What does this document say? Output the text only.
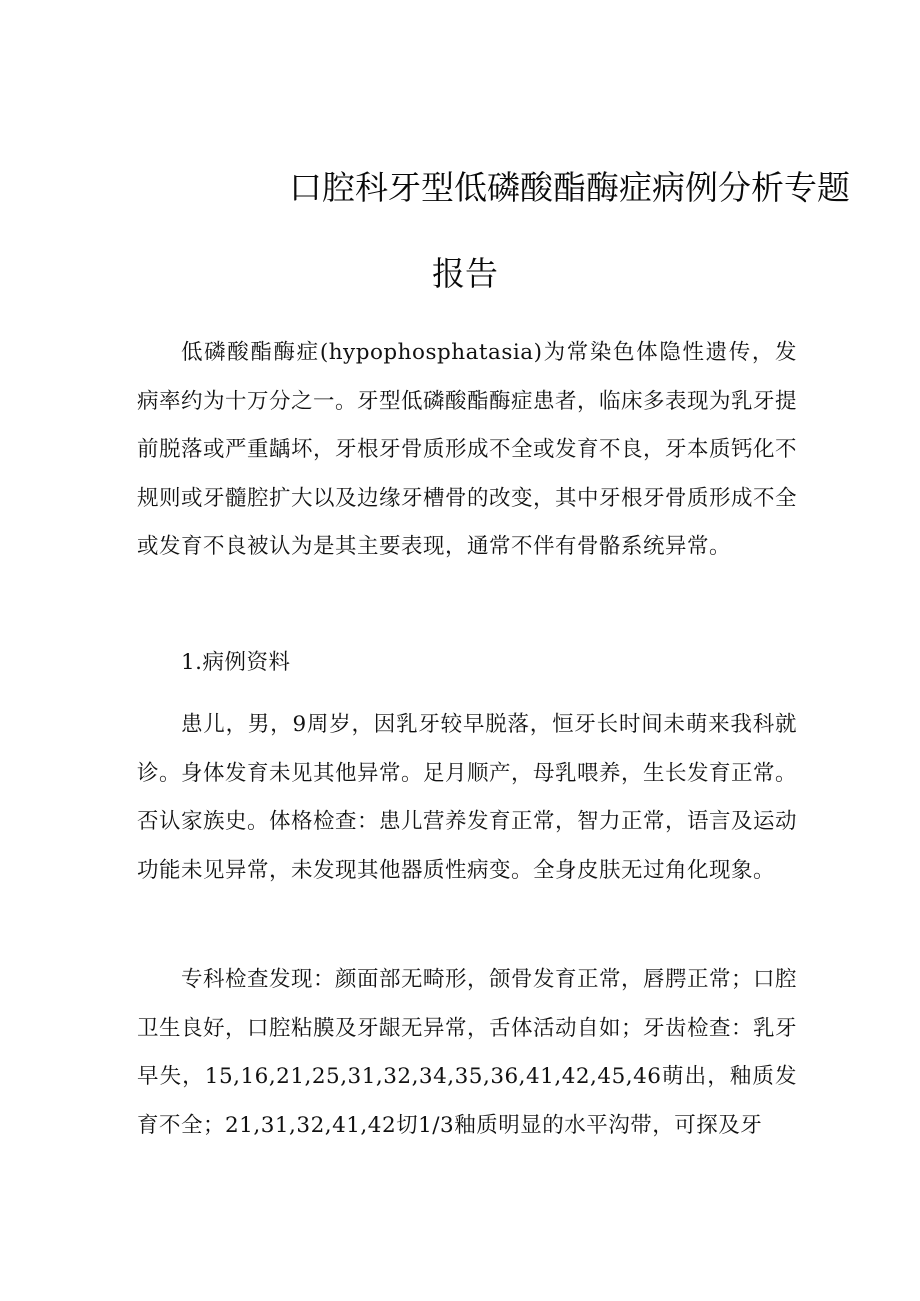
口腔科牙型低磷酸酯酶症病例分析专题
报告

低磷酸酯酶症(hypophosphatasia)为常染色体隐性遗传，发病率约为十万分之一。牙型低磷酸酯酶症患者，临床多表现为乳牙提前脱落或严重龋坏，牙根牙骨质形成不全或发育不良，牙本质钙化不规则或牙髓腔扩大以及边缘牙槽骨的改变，其中牙根牙骨质形成不全或发育不良被认为是其主要表现，通常不伴有骨骼系统异常。

1.病例资料

患儿，男，9周岁，因乳牙较早脱落，恒牙长时间未萌来我科就诊。身体发育未见其他异常。足月顺产，母乳喂养，生长发育正常。否认家族史。体格检查：患儿营养发育正常，智力正常，语言及运动功能未见异常，未发现其他器质性病变。全身皮肤无过角化现象。

专科检查发现：颜面部无畸形，颌骨发育正常，唇腭正常；口腔卫生良好，口腔粘膜及牙龈无异常，舌体活动自如；牙齿检查：乳牙早失，15,16,21,25,31,32,34,35,36,41,42,45,46萌出，釉质发育不全；21,31,32,41,42切1/3釉质明显的水平沟带，可探及牙
